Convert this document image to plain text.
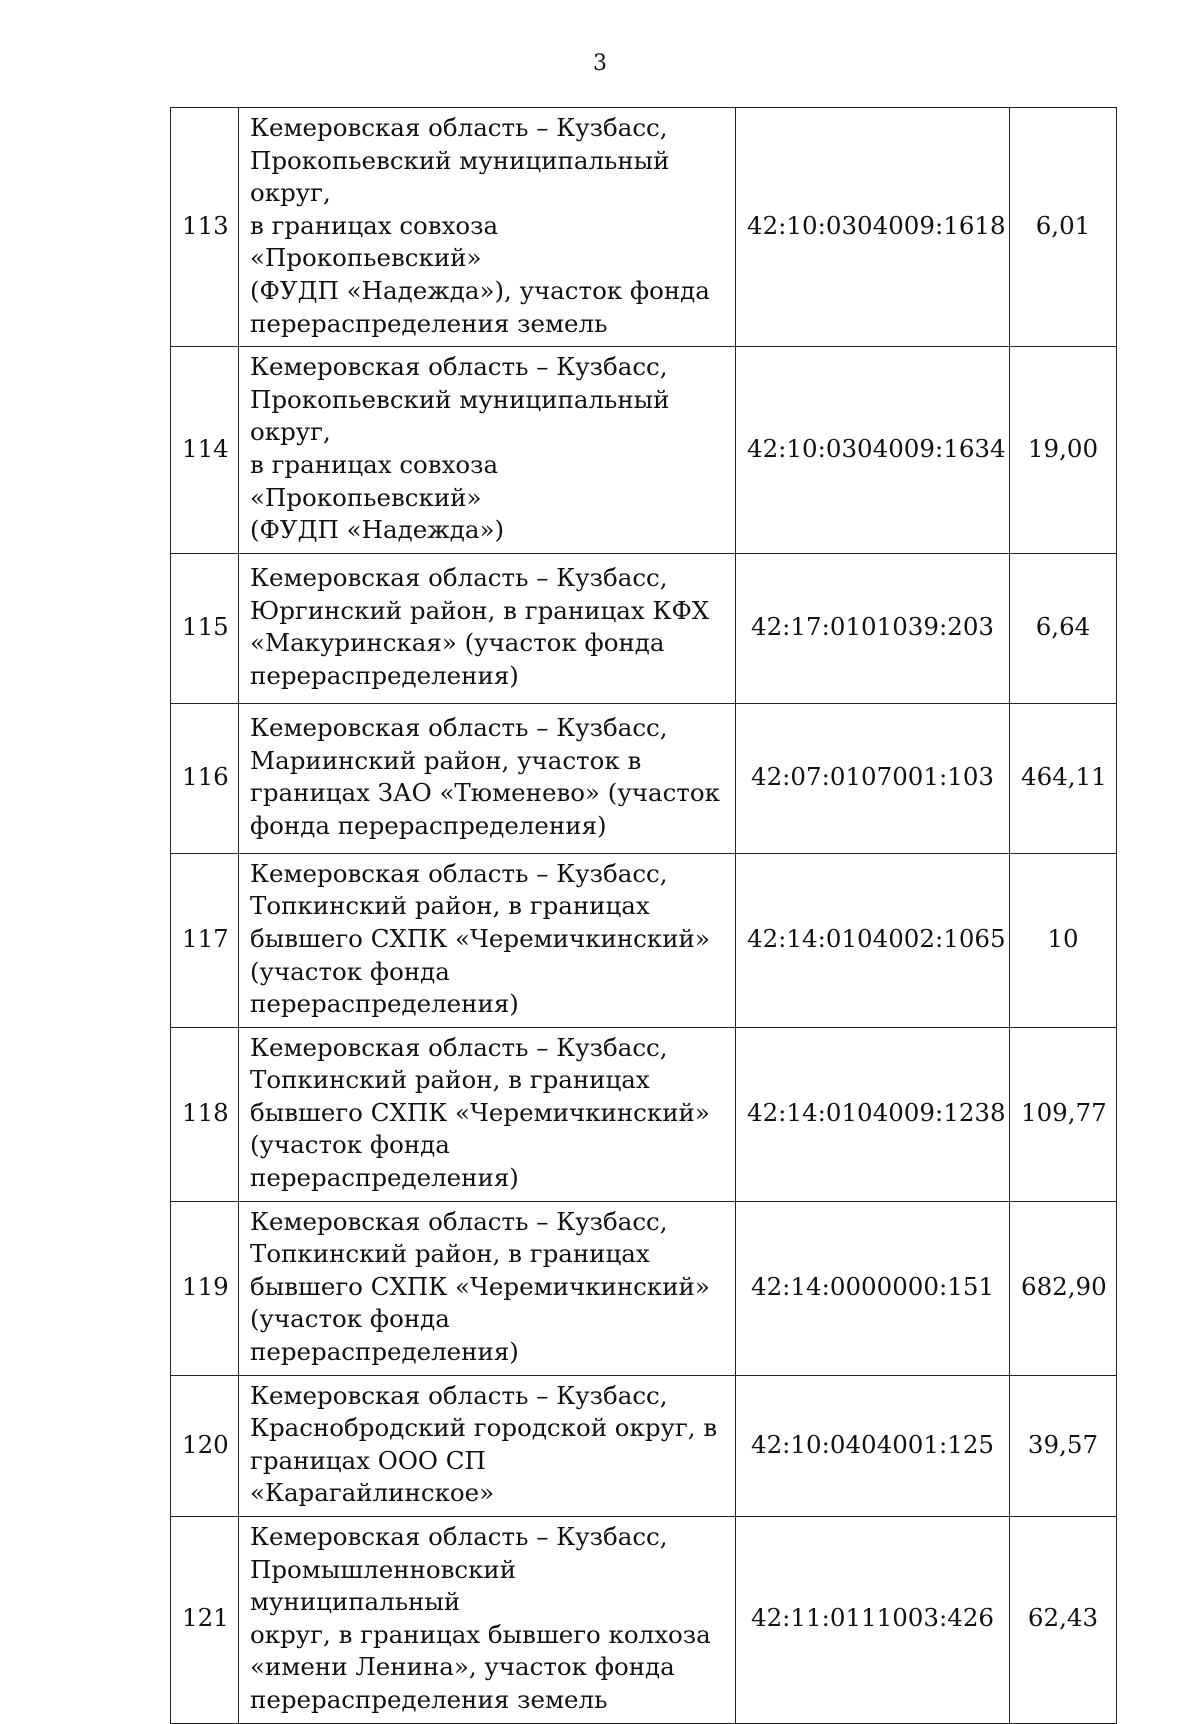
3
113	Кемеровская область – Кузбасс,
Прокопьевский муниципальный округ,
в границах совхоза «Прокопьевский»
(ФУДП «Надежда»), участок фонда
перераспределения земель	42:10:0304009:1618	6,01
114	Кемеровская область – Кузбасс,
Прокопьевский муниципальный округ,
в границах совхоза «Прокопьевский»
(ФУДП «Надежда»)	42:10:0304009:1634	19,00
115	Кемеровская область – Кузбасс,
Юргинский район, в границах КФХ
«Макуринская» (участок фонда
перераспределения)	42:17:0101039:203	6,64
116	Кемеровская область – Кузбасс,
Мариинский район, участок в
границах ЗАО «Тюменево» (участок
фонда перераспределения)	42:07:0107001:103	464,11
117	Кемеровская область – Кузбасс,
Топкинский район, в границах
бывшего СХПК «Черемичкинский»
(участок фонда перераспределения)	42:14:0104002:1065	10
118	Кемеровская область – Кузбасс,
Топкинский район, в границах
бывшего СХПК «Черемичкинский»
(участок фонда перераспределения)	42:14:0104009:1238	109,77
119	Кемеровская область – Кузбасс,
Топкинский район, в границах
бывшего СХПК «Черемичкинский»
(участок фонда перераспределения)	42:14:0000000:151	682,90
120	Кемеровская область – Кузбасс,
Краснобродский городской округ, в
границах ООО СП «Карагайлинское»	42:10:0404001:125	39,57
121	Кемеровская область – Кузбасс,
Промышленновский муниципальный
округ, в границах бывшего колхоза
«имени Ленина», участок фонда
перераспределения земель	42:11:0111003:426	62,43
